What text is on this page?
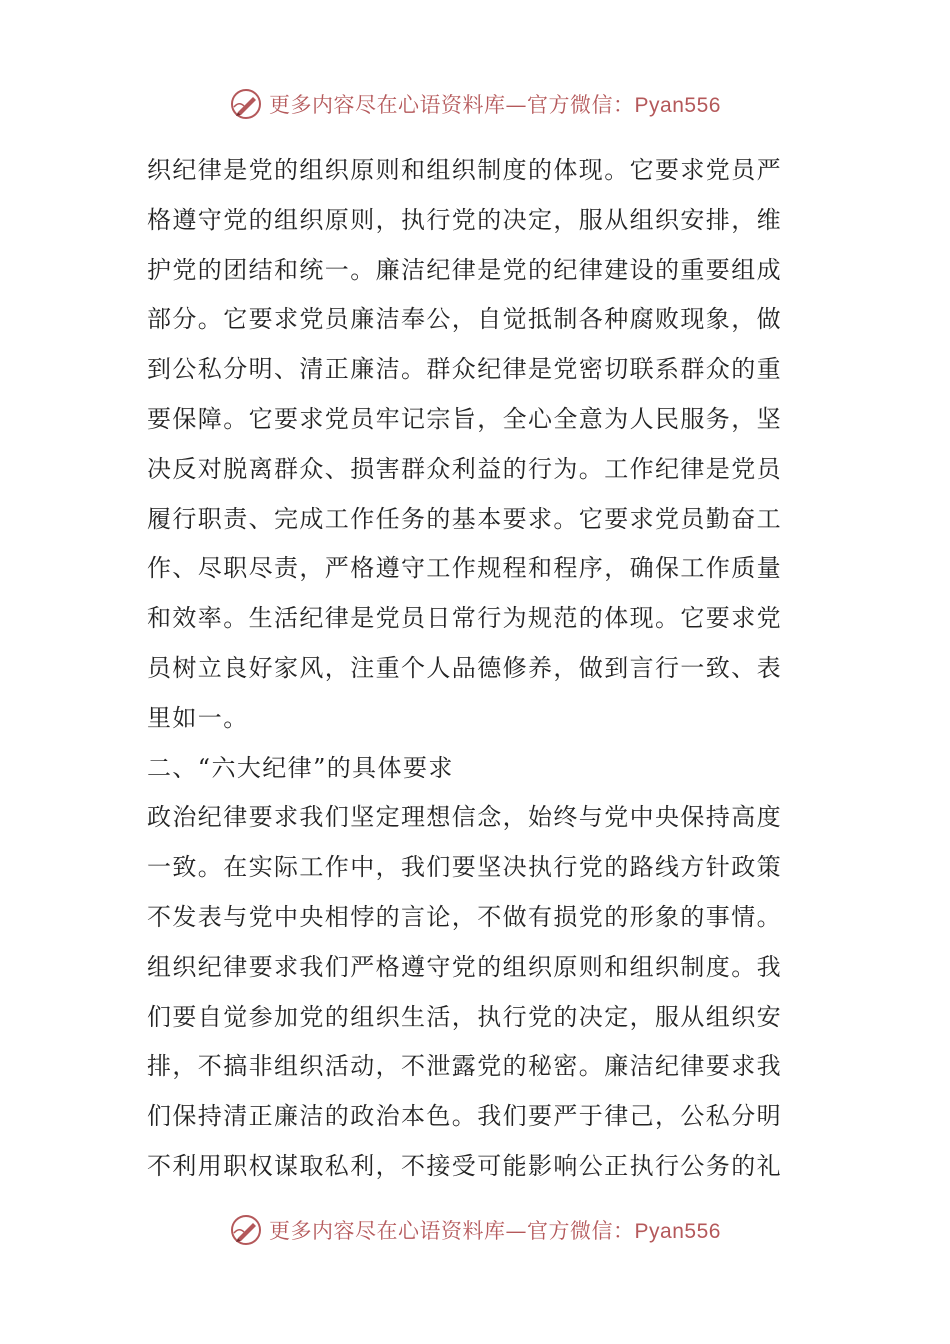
更多内容尽在心语资料库—官方微信：Pyan556
织纪律是党的组织原则和组织制度的体现。它要求党员严
格遵守党的组织原则，执行党的决定，服从组织安排，维
护党的团结和统一。廉洁纪律是党的纪律建设的重要组成
部分。它要求党员廉洁奉公，自觉抵制各种腐败现象，做
到公私分明、清正廉洁。群众纪律是党密切联系群众的重
要保障。它要求党员牢记宗旨，全心全意为人民服务，坚
决反对脱离群众、损害群众利益的行为。工作纪律是党员
履行职责、完成工作任务的基本要求。它要求党员勤奋工
作、尽职尽责，严格遵守工作规程和程序，确保工作质量
和效率。生活纪律是党员日常行为规范的体现。它要求党
员树立良好家风，注重个人品德修养，做到言行一致、表
里如一。
二、“六大纪律”的具体要求
政治纪律要求我们坚定理想信念，始终与党中央保持高度
一致。在实际工作中，我们要坚决执行党的路线方针政策
不发表与党中央相悖的言论，不做有损党的形象的事情。
组织纪律要求我们严格遵守党的组织原则和组织制度。我
们要自觉参加党的组织生活，执行党的决定，服从组织安
排，不搞非组织活动，不泄露党的秘密。廉洁纪律要求我
们保持清正廉洁的政治本色。我们要严于律己，公私分明
不利用职权谋取私利，不接受可能影响公正执行公务的礼
更多内容尽在心语资料库—官方微信：Pyan556
